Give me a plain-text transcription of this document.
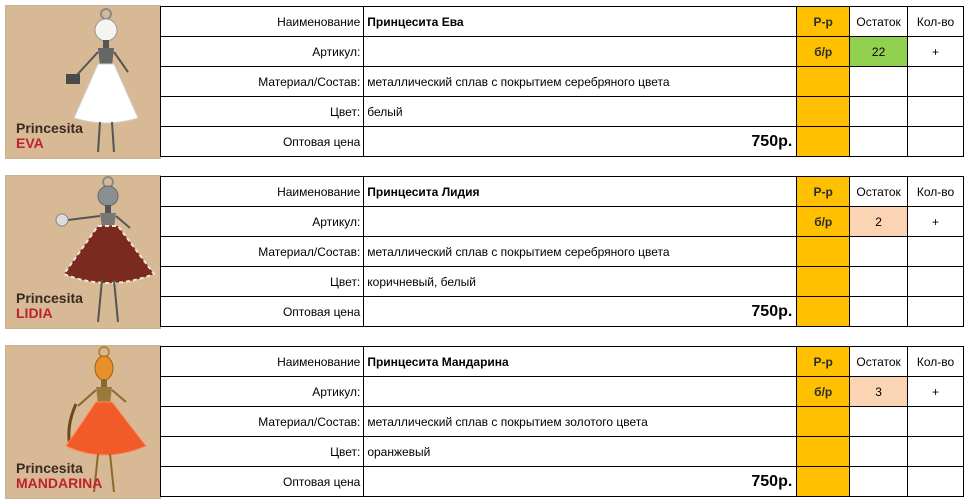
Princesita
EVA
Наименование	Принцесита Ева	Р-р	Остаток	Кол-во
Артикул:		б/р	22	+
Материал/Состав:	металлический сплав с покрытием серебряного цвета			
Цвет:	белый			
Оптовая цена	750р.			
Princesita
LIDIA
Наименование	Принцесита Лидия	Р-р	Остаток	Кол-во
Артикул:		б/р	2	+
Материал/Состав:	металлический сплав с покрытием серебряного цвета			
Цвет:	коричневый, белый			
Оптовая цена	750р.			
Princesita
MANDARINA
Наименование	Принцесита Мандарина	Р-р	Остаток	Кол-во
Артикул:		б/р	3	+
Материал/Состав:	металлический сплав с покрытием золотого цвета			
Цвет:	оранжевый			
Оптовая цена	750р.			
